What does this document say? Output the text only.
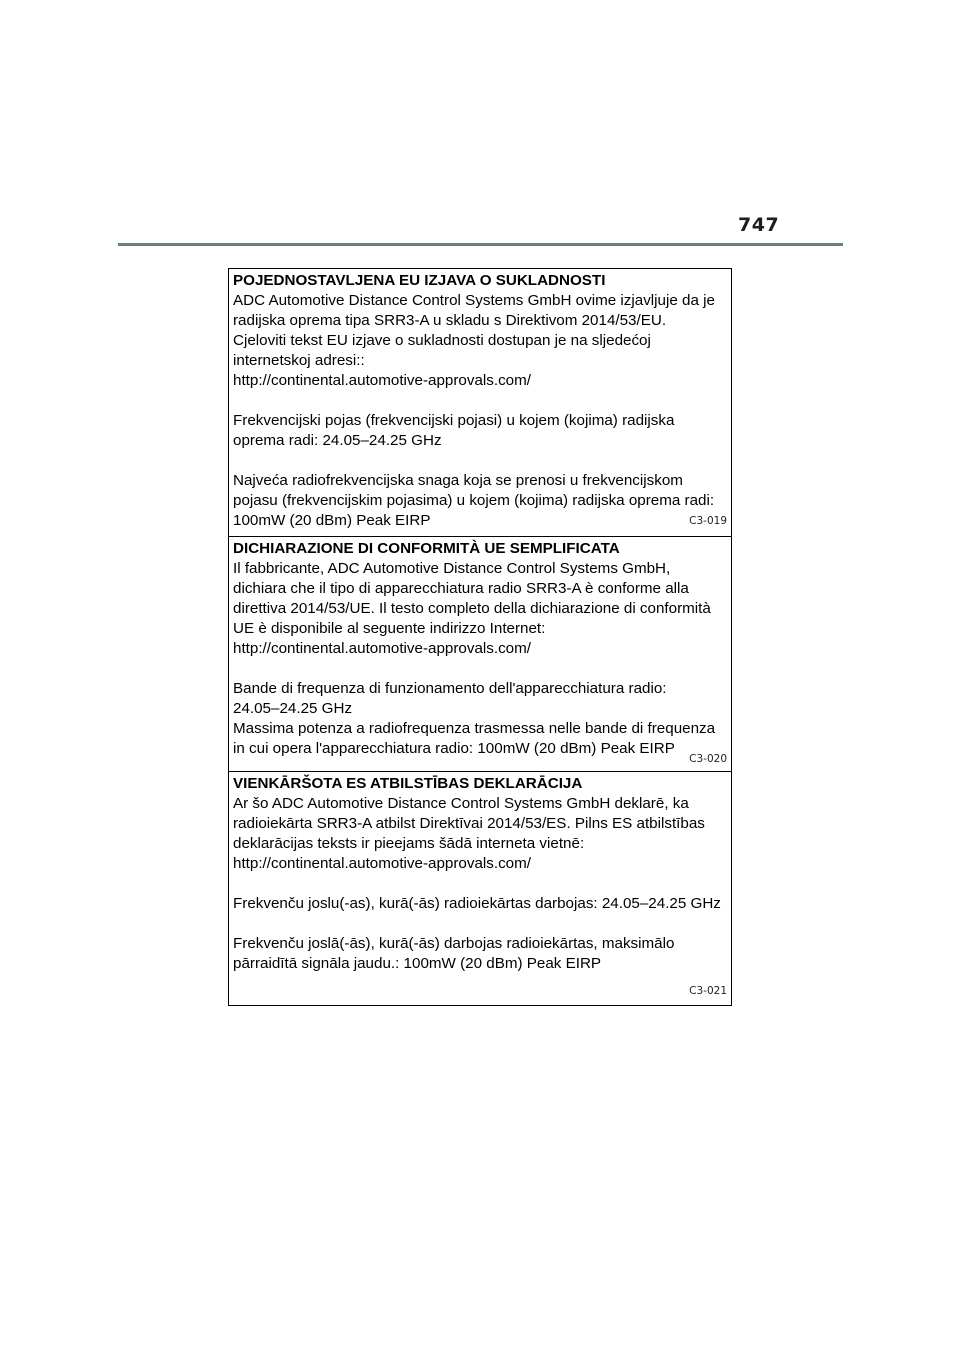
747
POJEDNOSTAVLJENA EU IZJAVA O SUKLADNOSTI
ADC Automotive Distance Control Systems GmbH ovime izjavljuje da je
radijska oprema tipa SRR3-A u skladu s Direktivom 2014/53/EU.
Cjeloviti tekst EU izjave o sukladnosti dostupan je na sljedećoj
internetskoj adresi::
http://continental.automotive-approvals.com/
Frekvencijski pojas (frekvencijski pojasi) u kojem (kojima) radijska
oprema radi: 24.05–24.25 GHz
Najveća radiofrekvencijska snaga koja se prenosi u frekvencijskom
pojasu (frekvencijskim pojasima) u kojem (kojima) radijska oprema radi:
100mW (20 dBm) Peak EIRP	C3-019
DICHIARAZIONE DI CONFORMITÀ UE SEMPLIFICATA
Il fabbricante, ADC Automotive Distance Control Systems GmbH,
dichiara che il tipo di apparecchiatura radio SRR3-A è conforme alla
direttiva 2014/53/UE. Il testo completo della dichiarazione di conformità
UE è disponibile al seguente indirizzo Internet:
http://continental.automotive-approvals.com/
Bande di frequenza di funzionamento dell'apparecchiatura radio:
24.05–24.25 GHz
Massima potenza a radiofrequenza trasmessa nelle bande di frequenza
in cui opera l'apparecchiatura radio: 100mW (20 dBm) Peak EIRP
C3-020
VIENKĀRŠOTA ES ATBILSTĪBAS DEKLARĀCIJA
Ar šo ADC Automotive Distance Control Systems GmbH deklarē, ka
radioiekārta SRR3-A atbilst Direktīvai 2014/53/ES. Pilns ES atbilstības
deklarācijas teksts ir pieejams šādā interneta vietnē:
http://continental.automotive-approvals.com/
Frekvenču joslu(-as), kurā(-ās) radioiekārtas darbojas: 24.05–24.25 GHz
Frekvenču joslā(-ās), kurā(-ās) darbojas radioiekārtas, maksimālo
pārraidītā signāla jaudu.: 100mW (20 dBm) Peak EIRP
C3-021
